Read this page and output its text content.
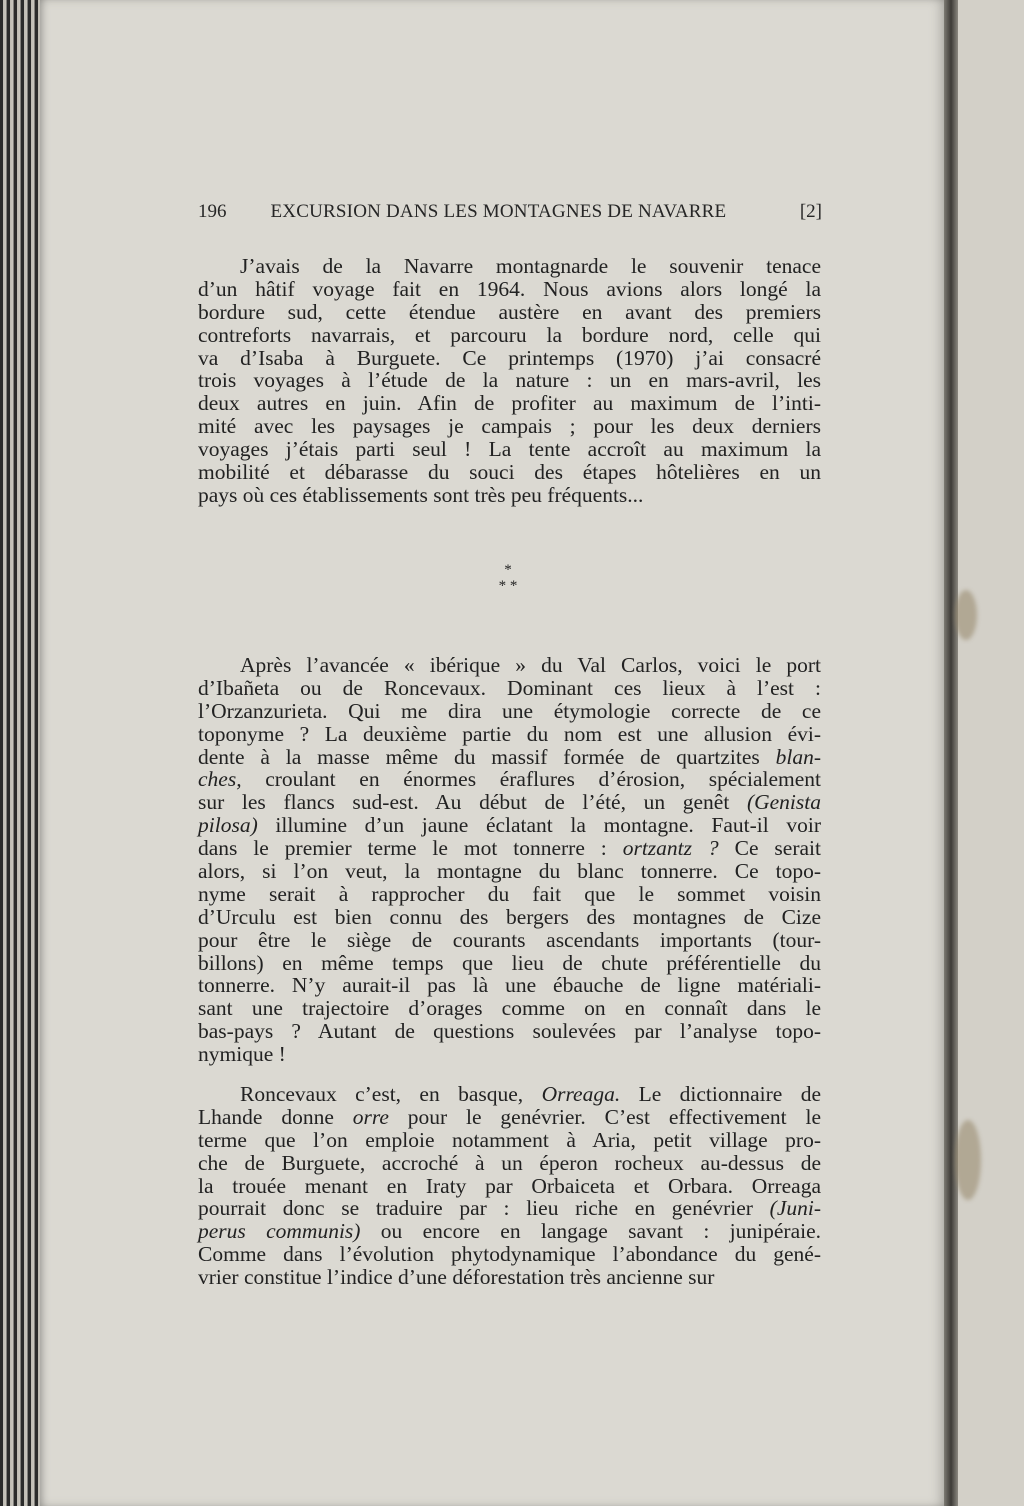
196	EXCURSION DANS LES MONTAGNES DE NAVARRE	[2]
J’avais de la Navarre montagnarde le souvenir tenace
d’un hâtif voyage fait en 1964. Nous avions alors longé la
bordure sud, cette étendue austère en avant des premiers
contreforts navarrais, et parcouru la bordure nord, celle qui
va d’Isaba à Burguete. Ce printemps (1970) j’ai consacré
trois voyages à l’étude de la nature : un en mars-avril, les
deux autres en juin. Afin de profiter au maximum de l’inti-
mité avec les paysages je campais ; pour les deux derniers
voyages j’étais parti seul ! La tente accroît au maximum la
mobilité et débarasse du souci des étapes hôtelières en un
pays où ces établissements sont très peu fréquents...
*
* *
Après l’avancée « ibérique » du Val Carlos, voici le port
d’Ibañeta ou de Roncevaux. Dominant ces lieux à l’est :
l’Orzanzurieta. Qui me dira une étymologie correcte de ce
toponyme ? La deuxième partie du nom est une allusion évi-
dente à la masse même du massif formée de quartzites blan-
ches, croulant en énormes éraflures d’érosion, spécialement
sur les flancs sud-est. Au début de l’été, un genêt (Genista
pilosa) illumine d’un jaune éclatant la montagne. Faut-il voir
dans le premier terme le mot tonnerre : ortzantz ? Ce serait
alors, si l’on veut, la montagne du blanc tonnerre. Ce topo-
nyme serait à rapprocher du fait que le sommet voisin
d’Urculu est bien connu des bergers des montagnes de Cize
pour être le siège de courants ascendants importants (tour-
billons) en même temps que lieu de chute préférentielle du
tonnerre. N’y aurait-il pas là une ébauche de ligne matériali-
sant une trajectoire d’orages comme on en connaît dans le
bas-pays ? Autant de questions soulevées par l’analyse topo-
nymique !
Roncevaux c’est, en basque, Orreaga. Le dictionnaire de
Lhande donne orre pour le genévrier. C’est effectivement le
terme que l’on emploie notamment à Aria, petit village pro-
che de Burguete, accroché à un éperon rocheux au-dessus de
la trouée menant en Iraty par Orbaiceta et Orbara. Orreaga
pourrait donc se traduire par : lieu riche en genévrier (Juni-
perus communis) ou encore en langage savant : junipéraie.
Comme dans l’évolution phytodynamique l’abondance du gené-
vrier constitue l’indice d’une déforestation très ancienne sur
